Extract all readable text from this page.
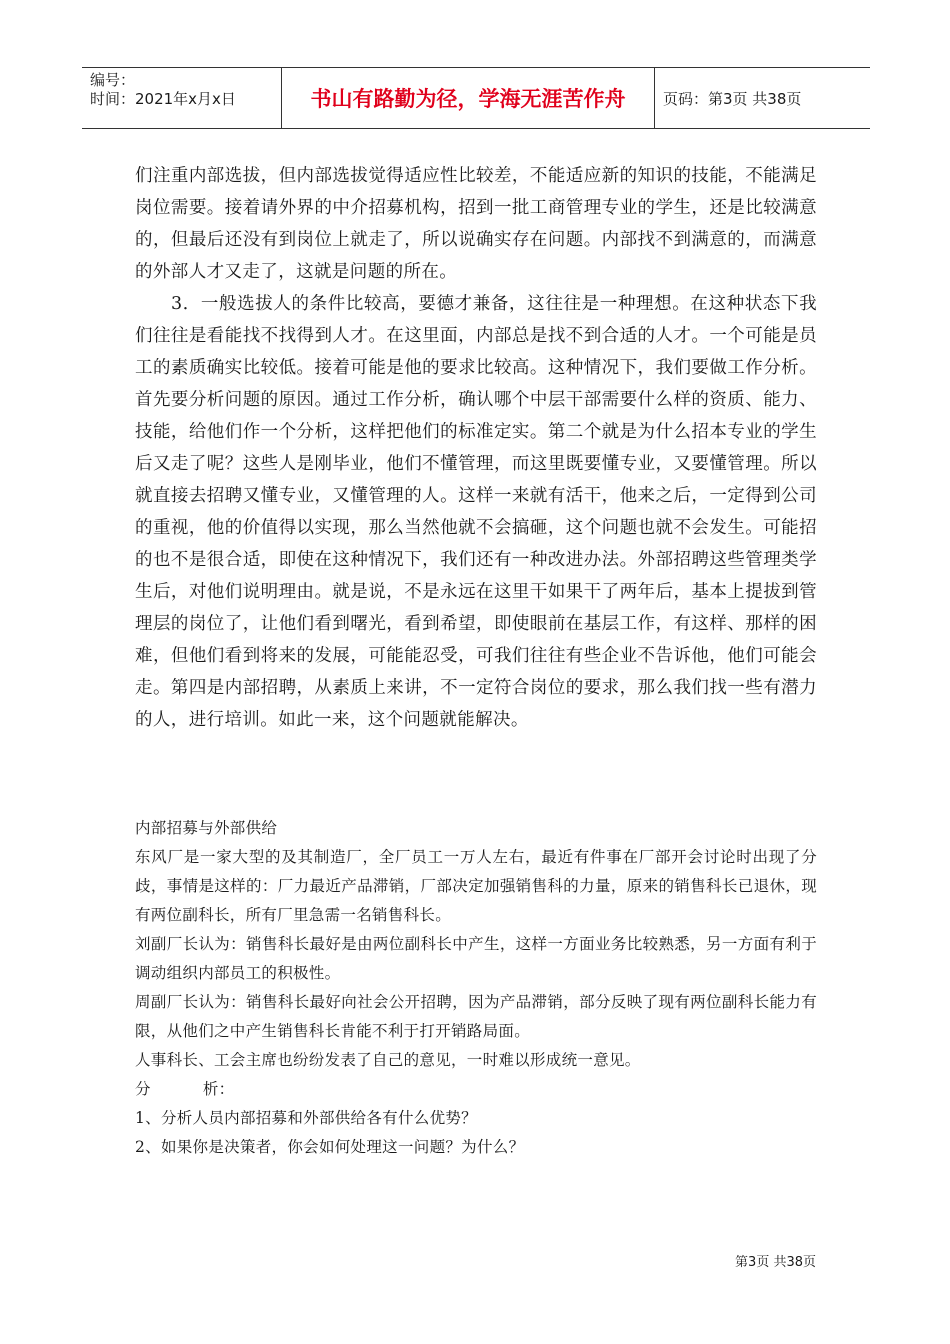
编号：
时间：2021年x月x日	书山有路勤为径，学海无涯苦作舟	页码：第3页 共38页

们注重内部选拔，但内部选拔觉得适应性比较差，不能适应新的知识的技能，不能满足岗位需要。接着请外界的中介招募机构，招到一批工商管理专业的学生，还是比较满意的，但最后还没有到岗位上就走了，所以说确实存在问题。内部找不到满意的，而满意的外部人才又走了，这就是问题的所在。

3．一般选拔人的条件比较高，要德才兼备，这往往是一种理想。在这种状态下我们往往是看能找不找得到人才。在这里面，内部总是找不到合适的人才。一个可能是员工的素质确实比较低。接着可能是他的要求比较高。这种情况下，我们要做工作分析。首先要分析问题的原因。通过工作分析，确认哪个中层干部需要什么样的资质、能力、技能，给他们作一个分析，这样把他们的标准定实。第二个就是为什么招本专业的学生后又走了呢？这些人是刚毕业，他们不懂管理，而这里既要懂专业，又要懂管理。所以就直接去招聘又懂专业，又懂管理的人。这样一来就有活干，他来之后，一定得到公司的重视，他的价值得以实现，那么当然他就不会搞砸，这个问题也就不会发生。可能招的也不是很合适，即使在这种情况下，我们还有一种改进办法。外部招聘这些管理类学生后，对他们说明理由。就是说，不是永远在这里干如果干了两年后，基本上提拔到管理层的岗位了，让他们看到曙光，看到希望，即使眼前在基层工作，有这样、那样的困难，但他们看到将来的发展，可能能忍受，可我们往往有些企业不告诉他，他们可能会走。第四是内部招聘，从素质上来讲，不一定符合岗位的要求，那么我们找一些有潜力的人，进行培训。如此一来，这个问题就能解决。

内部招募与外部供给

东风厂是一家大型的及其制造厂，全厂员工一万人左右，最近有件事在厂部开会讨论时出现了分歧，事情是这样的：厂力最近产品滞销，厂部决定加强销售科的力量，原来的销售科长已退休，现有两位副科长，所有厂里急需一名销售科长。

刘副厂长认为：销售科长最好是由两位副科长中产生，这样一方面业务比较熟悉，另一方面有利于调动组织内部员工的积极性。

周副厂长认为：销售科长最好向社会公开招聘，因为产品滞销，部分反映了现有两位副科长能力有限，从他们之中产生销售科长肯能不利于打开销路局面。

人事科长、工会主席也纷纷发表了自己的意见，一时难以形成统一意见。

分	析：

1、分析人员内部招募和外部供给各有什么优势？

2、如果你是决策者，你会如何处理这一问题？为什么？

第3页 共38页
